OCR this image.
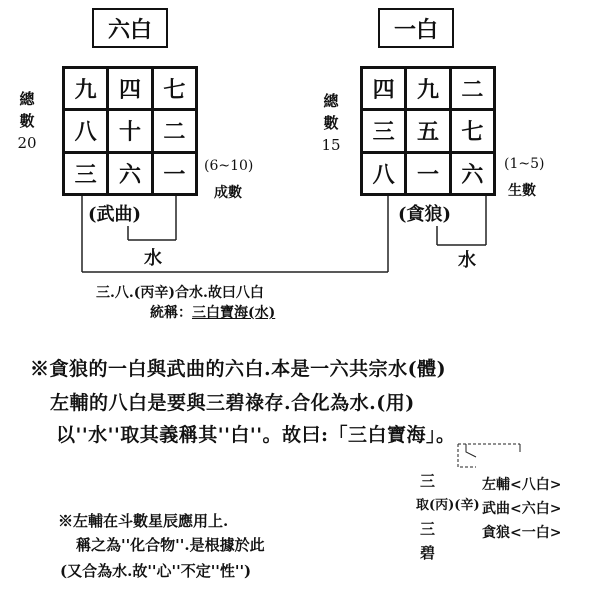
六白
總
數
20
九	四	七
八	十	二
三	六	一	(6~10)
成數
(武曲)
水
一白
總
數
15
四	九	二
三	五	七
八	一	六	(1~5)
生數
(貪狼)
水
三.八.(丙辛)合水.故曰八白
統稱：三白寶海(水)
※貪狼的一白與武曲的六白.本是一六共宗水(體)
左輔的八白是要與三碧祿存.合化為水.(用)
以''水''取其義稱其''白''。故曰:「三白寶海」。
※左輔在斗數星辰應用上.
稱之為''化合物''.是根據於此
(又合為水.故''心''不定''性'')
三
取(丙)(辛)
三
碧
左輔<八白>
武曲<六白>
貪狼<一白>
